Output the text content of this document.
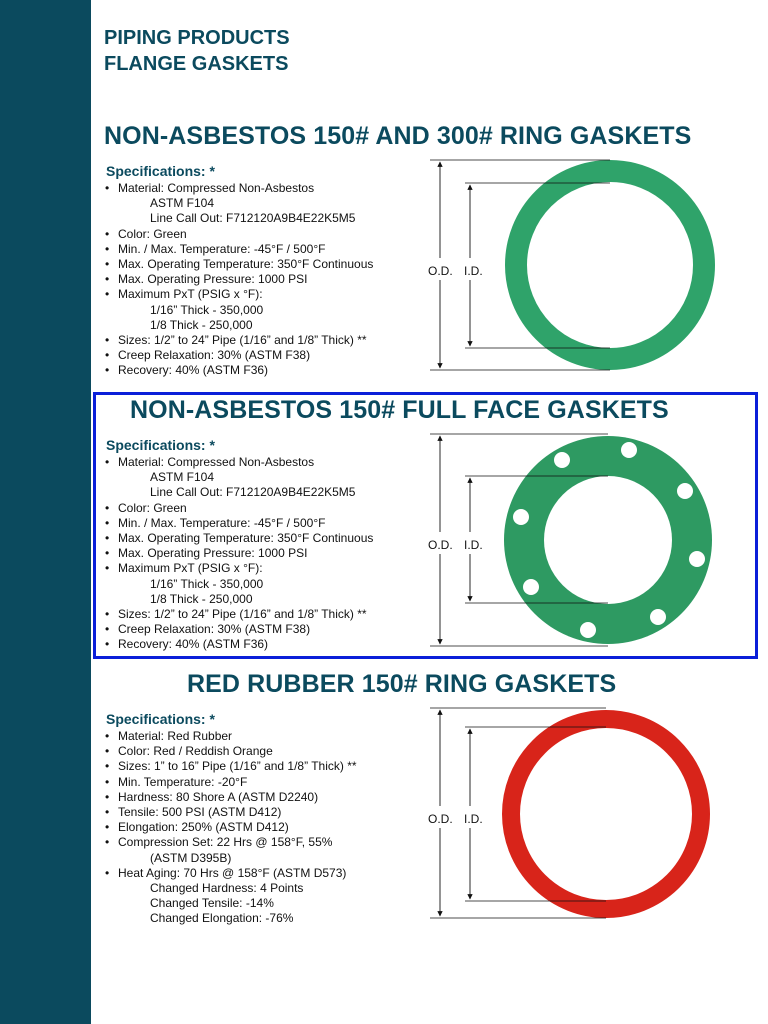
PIPING PRODUCTS
FLANGE GASKETS
NON-ASBESTOS 150# AND 300# RING GASKETS
Specifications: *
• Material: Compressed Non-Asbestos
ASTM F104
Line Call Out: F712120A9B4E22K5M5
• Color: Green
• Min. / Max. Temperature: -45°F / 500°F
• Max. Operating Temperature: 350°F Continuous
• Max. Operating Pressure: 1000 PSI
• Maximum PxT (PSIG x °F):
1/16” Thick - 350,000
1/8 Thick - 250,000
• Sizes: 1/2” to 24” Pipe (1/16” and 1/8” Thick) **
• Creep Relaxation: 30% (ASTM F38)
• Recovery: 40% (ASTM F36)
O.D. I.D.
NON-ASBESTOS 150# FULL FACE GASKETS
Specifications: *
• Material: Compressed Non-Asbestos
ASTM F104
Line Call Out: F712120A9B4E22K5M5
• Color: Green
• Min. / Max. Temperature: -45°F / 500°F
• Max. Operating Temperature: 350°F Continuous
• Max. Operating Pressure: 1000 PSI
• Maximum PxT (PSIG x °F):
1/16” Thick - 350,000
1/8 Thick - 250,000
• Sizes: 1/2” to 24” Pipe (1/16” and 1/8” Thick) **
• Creep Relaxation: 30% (ASTM F38)
• Recovery: 40% (ASTM F36)
O.D. I.D.
RED RUBBER 150# RING GASKETS
Specifications: *
• Material: Red Rubber
• Color: Red / Reddish Orange
• Sizes: 1” to 16” Pipe (1/16” and 1/8” Thick) **
• Min. Temperature: -20°F
• Hardness: 80 Shore A (ASTM D2240)
• Tensile: 500 PSI (ASTM D412)
• Elongation: 250% (ASTM D412)
• Compression Set: 22 Hrs @ 158°F, 55%
(ASTM D395B)
• Heat Aging: 70 Hrs @ 158°F (ASTM D573)
Changed Hardness: 4 Points
Changed Tensile: -14%
Changed Elongation: -76%
O.D. I.D.
